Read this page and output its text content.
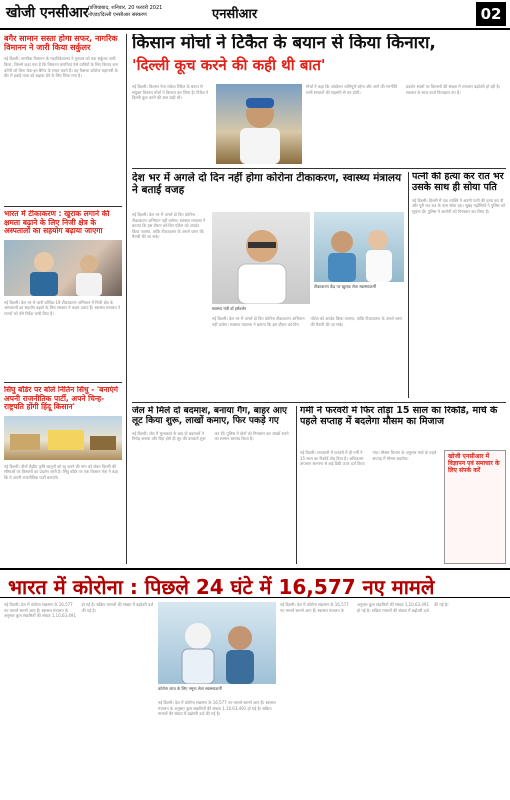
खोजी एनसीआर गाजियाबाद, शनिवार, 20 फरवरी 2021
नोएडा/दिल्ली एनसीआर संस्करण	एनसीआर	02
बगैर सामान सस्ता होगा सफर, नागरिक विमानन ने जारी किया सर्कुलर
नई दिल्ली। नागरिक विमानन के महानिदेशालय ने गुरुवार को एक सर्कुलर जारी किया, जिसमें कहा गया है कि विमानन कंपनियां ऐसे यात्रियों के लिए किराए कम करेंगी जो बिना चेक-इन बैगेज के सफर करते हैं। यह फैसला कोरोना महामारी के दौर में हवाई यात्रा को बढ़ावा देने के लिए लिया गया है।
भारत में टीकाकरण : खुराक लगाने की क्षमता बढ़ाने के लिए निजी क्षेत्र के अस्पतालों का सहयोग बढ़ाया जाएगा
नई दिल्ली। देश भर में जारी कोविड-19 टीकाकरण अभियान में निजी क्षेत्र के अस्पतालों का सहयोग बढ़ाने के लिए सरकार ने कदम उठाए हैं। स्वास्थ्य मंत्रालय ने राज्यों को ऐसे निर्देश जारी किए हैं।
सिंघु बॉर्डर पर बोले नितिन सिंधु - 'बनाएंगे अपनी राजनीतिक पार्टी, अपने चिन्ह-राष्ट्रपति होंगी हिंदू किसान'
नई दिल्ली। तीनों केंद्रीय कृषि कानूनों को रद्द करने की मांग को लेकर दिल्ली की सीमाओं पर किसानों का प्रदर्शन जारी है। सिंघु बॉर्डर पर एक किसान नेता ने कहा कि वे अपनी राजनीतिक पार्टी बनाएंगे।
किसान मोर्चा ने टिकैत के बयान से किया किनारा,
'दिल्ली कूच करने की कही थी बात'
नई दिल्ली। किसान नेता राकेश टिकैत के बयान से संयुक्त किसान मोर्चा ने किनारा कर लिया है। टिकैत ने दिल्ली कूच करने की बात कही थी।
मोर्चा ने कहा कि आंदोलन शांतिपूर्ण रहेगा और आगे की रणनीति सभी संगठनों की सहमति से तय होगी।
प्रदर्शन स्थलों पर किसानों की संख्या में लगातार बढ़ोतरी हो रही है। सरकार के साथ वार्ता फिलहाल ठप है।
देश भर में अगले दो दिन नहीं होगा कोरोना टीकाकरण, स्वास्थ्य मंत्रालय ने बताई वजह
नई दिल्ली। देश भर में अगले दो दिन कोरोना टीकाकरण अभियान नहीं चलेगा। स्वास्थ्य मंत्रालय ने बताया कि इस दौरान को-विन पोर्टल को अपडेट किया जाएगा, ताकि टीकाकरण के अगले चरण की तैयारी की जा सके।
स्वास्थ्य मंत्री डॉ हर्षवर्धन
टीकाकरण केंद्र पर खुराक लेता स्वास्थ्यकर्मी
नई दिल्ली। देश भर में अगले दो दिन कोरोना टीकाकरण अभियान नहीं चलेगा। स्वास्थ्य मंत्रालय ने बताया कि इस दौरान को-विन पोर्टल को अपडेट किया जाएगा, ताकि टीकाकरण के अगले चरण की तैयारी की जा सके।
पत्नी की हत्या कर रात भर उसके साथ ही सोया पति
नई दिल्ली। दिल्ली में एक व्यक्ति ने अपनी पत्नी की हत्या कर दी और पूरी रात शव के पास सोता रहा। सुबह पड़ोसियों ने पुलिस को सूचना दी। पुलिस ने आरोपी को गिरफ्तार कर लिया है।
जेल में मिले दो बदमाश, बनाया गैंग, बाहर आए लूट किया शुरू, लाखों कमाए, फिर पकड़े गए
नई दिल्ली। जेल में मुलाकात के बाद दो बदमाशों ने गिरोह बनाया और रिहा होते ही लूट की वारदातें शुरू कर दीं। पुलिस ने दोनों को गिरफ्तार कर लाखों रुपये का सामान बरामद किया है।
गर्मी ने फरवरी में फिर तोड़ा 15 साल का रिकॉर्ड, मार्च के पहले सप्ताह में बदलेगा मौसम का मिजाज
नई दिल्ली। राजधानी में फरवरी में ही गर्मी ने 15 साल का रिकॉर्ड तोड़ दिया है। अधिकतम तापमान सामान्य से कई डिग्री ऊपर दर्ज किया गया। मौसम विभाग के अनुसार मार्च के पहले सप्ताह में मौसम बदलेगा।	खोजी एनसीआर में विज्ञापन एवं समाचार के लिए संपर्क करें
भारत में कोरोना : पिछले 24 घंटे में 16,577 नए मामले
नई दिल्ली। देश में कोरोना संक्रमण के 16,577 नए मामले सामने आए हैं। स्वास्थ्य मंत्रालय के अनुसार कुल संक्रमितों की संख्या 1,10,63,491 हो गई है। सक्रिय मामलों की संख्या में बढ़ोतरी दर्ज की गई है।
कोरोना जांच के लिए नमूना लेता स्वास्थ्यकर्मी
नई दिल्ली। देश में कोरोना संक्रमण के 16,577 नए मामले सामने आए हैं। स्वास्थ्य मंत्रालय के अनुसार कुल संक्रमितों की संख्या 1,10,63,491 हो गई है। सक्रिय मामलों की संख्या में बढ़ोतरी दर्ज की गई है।
नई दिल्ली। देश में कोरोना संक्रमण के 16,577 नए मामले सामने आए हैं। स्वास्थ्य मंत्रालय के अनुसार कुल संक्रमितों की संख्या 1,10,63,491 हो गई है। सक्रिय मामलों की संख्या में बढ़ोतरी दर्ज की गई है।
